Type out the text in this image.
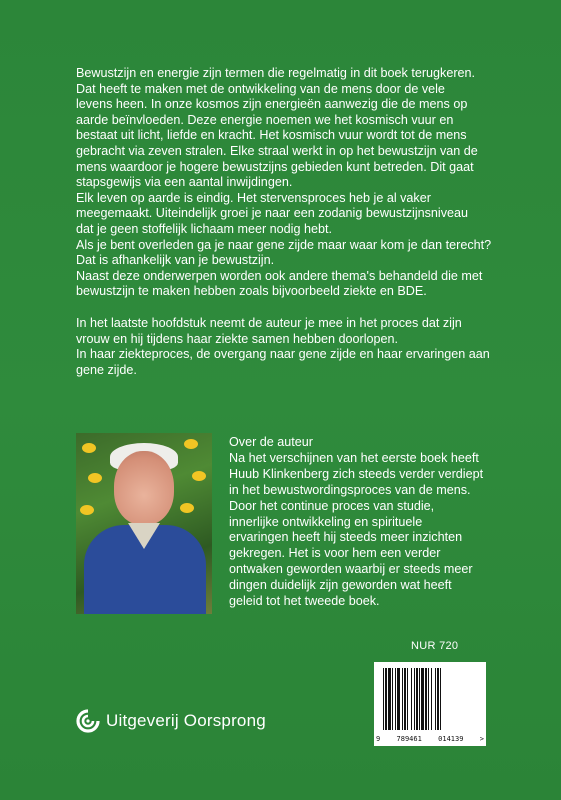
Bewustzijn en energie zijn termen die regelmatig in dit boek terugkeren.

Dat heeft te maken met de ontwikkeling van de mens door de vele

levens heen. In onze kosmos zijn energieën aanwezig die de mens op

aarde beïnvloeden. Deze energie noemen we het kosmisch vuur en

bestaat uit licht, liefde en kracht. Het kosmisch vuur wordt tot de mens

gebracht via zeven stralen. Elke straal werkt in op het bewustzijn van de

mens waardoor je hogere bewustzijns gebieden kunt betreden. Dit gaat

stapsgewijs via een aantal inwijdingen.

Elk leven op aarde is eindig. Het stervensproces heb je al vaker

meegemaakt. Uiteindelijk groei je naar een zodanig bewustzijnsniveau

dat je geen stoffelijk lichaam meer nodig hebt.

Als je bent overleden ga je naar gene zijde maar waar kom je dan terecht?

Dat is afhankelijk van je bewustzijn.

Naast deze onderwerpen worden ook andere thema's behandeld die met

bewustzijn te maken hebben zoals bijvoorbeeld ziekte en BDE.

In het laatste hoofdstuk neemt de auteur je mee in het proces dat zijn

vrouw en hij tijdens haar ziekte samen hebben doorlopen.

In haar ziekteproces, de overgang naar gene zijde en haar ervaringen aan

gene zijde.

Over de auteur

Na het verschijnen van het eerste boek heeft

Huub Klinkenberg zich steeds verder verdiept

in het bewustwordingsproces van de mens.

Door het continue proces van studie,

innerlijke ontwikkeling en spirituele

ervaringen heeft hij steeds meer inzichten

gekregen. Het is voor hem een verder

ontwaken geworden waarbij er steeds meer

dingen duidelijk zijn geworden wat heeft

geleid tot het tweede boek.

NUR 720
Uitgeverij Oorsprong
9 789461 014139 >
